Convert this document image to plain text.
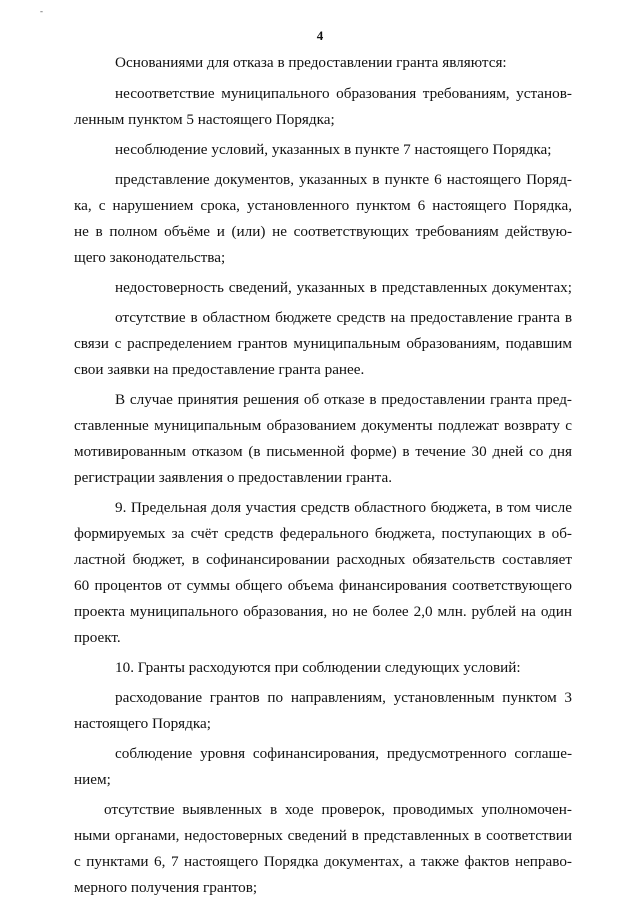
-
4
Основаниями для отказа в предоставлении гранта являются:
несоответствие муниципального образования требованиям, установ-
ленным пунктом 5 настоящего Порядка;
несоблюдение условий, указанных в пункте 7 настоящего Порядка;
представление документов, указанных в пункте 6 настоящего Поряд-
ка, с нарушением срока, установленного пунктом 6 настоящего Порядка,
не в полном объёме и (или) не соответствующих требованиям действую-
щего законодательства;
недостоверность сведений, указанных в представленных документах;
отсутствие в областном бюджете средств на предоставление гранта в
связи с распределением грантов муниципальным образованиям, подавшим
свои заявки на предоставление гранта ранее.
В случае принятия решения об отказе в предоставлении гранта пред-
ставленные муниципальным образованием документы подлежат возврату с
мотивированным отказом (в письменной форме) в течение 30 дней со дня
регистрации заявления о предоставлении гранта.
9. Предельная доля участия средств областного бюджета, в том числе
формируемых за счёт средств федерального бюджета, поступающих в об-
ластной бюджет, в софинансировании расходных обязательств составляет
60 процентов от суммы общего объема финансирования соответствующего
проекта муниципального образования, но не более 2,0 млн. рублей на один
проект.
10. Гранты расходуются при соблюдении следующих условий:
расходование грантов по направлениям, установленным пунктом 3
настоящего Порядка;
соблюдение уровня софинансирования, предусмотренного соглаше-
нием;
отсутствие выявленных в ходе проверок, проводимых уполномочен-
ными органами, недостоверных сведений в представленных в соответствии
с пунктами 6, 7 настоящего Порядка документах, а также фактов неправо-
мерного получения грантов;
